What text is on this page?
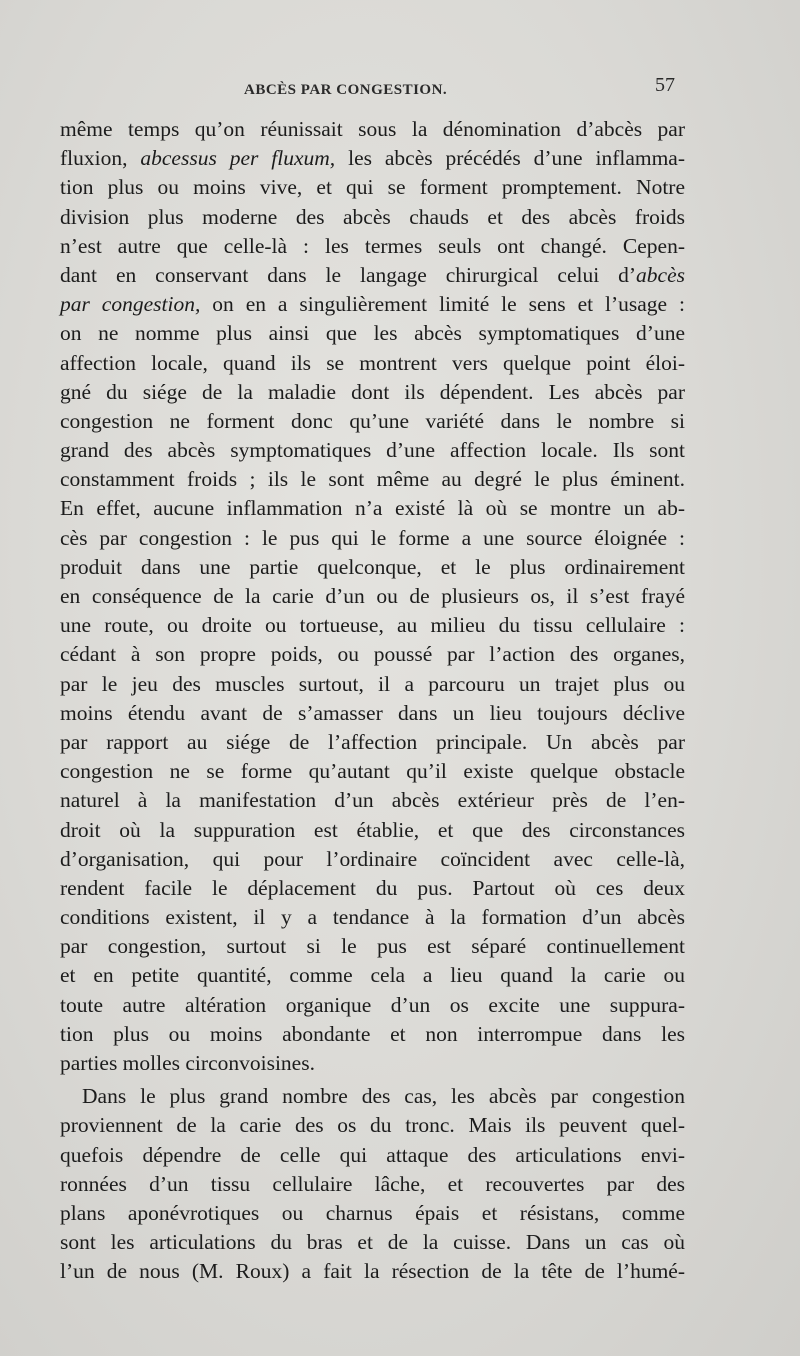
ABCÈS PAR CONGESTION.	57
même temps qu’on réunissait sous la dénomination d’abcès par
fluxion, abcessus per fluxum, les abcès précédés d’une inflamma-
tion plus ou moins vive, et qui se forment promptement. Notre
division plus moderne des abcès chauds et des abcès froids
n’est autre que celle-là : les termes seuls ont changé. Cepen-
dant en conservant dans le langage chirurgical celui d’abcès
par congestion, on en a singulièrement limité le sens et l’usage :
on ne nomme plus ainsi que les abcès symptomatiques d’une
affection locale, quand ils se montrent vers quelque point éloi-
gné du siége de la maladie dont ils dépendent. Les abcès par
congestion ne forment donc qu’une variété dans le nombre si
grand des abcès symptomatiques d’une affection locale. Ils sont
constamment froids ; ils le sont même au degré le plus éminent.
En effet, aucune inflammation n’a existé là où se montre un ab-
cès par congestion : le pus qui le forme a une source éloignée :
produit dans une partie quelconque, et le plus ordinairement
en conséquence de la carie d’un ou de plusieurs os, il s’est frayé
une route, ou droite ou tortueuse, au milieu du tissu cellulaire :
cédant à son propre poids, ou poussé par l’action des organes,
par le jeu des muscles surtout, il a parcouru un trajet plus ou
moins étendu avant de s’amasser dans un lieu toujours déclive
par rapport au siége de l’affection principale. Un abcès par
congestion ne se forme qu’autant qu’il existe quelque obstacle
naturel à la manifestation d’un abcès extérieur près de l’en-
droit où la suppuration est établie, et que des circonstances
d’organisation, qui pour l’ordinaire coïncident avec celle-là,
rendent facile le déplacement du pus. Partout où ces deux
conditions existent, il y a tendance à la formation d’un abcès
par congestion, surtout si le pus est séparé continuellement
et en petite quantité, comme cela a lieu quand la carie ou
toute autre altération organique d’un os excite une suppura-
tion plus ou moins abondante et non interrompue dans les
parties molles circonvoisines.
Dans le plus grand nombre des cas, les abcès par congestion
proviennent de la carie des os du tronc. Mais ils peuvent quel-
quefois dépendre de celle qui attaque des articulations envi-
ronnées d’un tissu cellulaire lâche, et recouvertes par des
plans aponévrotiques ou charnus épais et résistans, comme
sont les articulations du bras et de la cuisse. Dans un cas où
l’un de nous (M. Roux) a fait la résection de la tête de l’humé-
